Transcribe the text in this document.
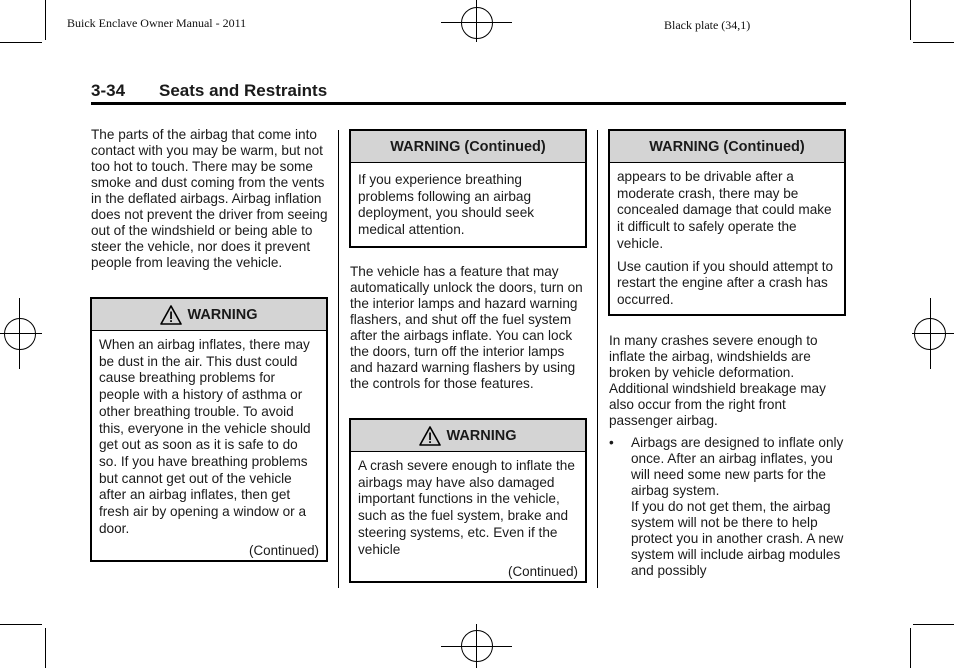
Buick Enclave Owner Manual - 2011	Black plate (34,1)
3-34 Seats and Restraints

The parts of the airbag that come into contact with you may be warm, but not too hot to touch. There may be some smoke and dust coming from the vents in the deflated airbags. Airbag inflation does not prevent the driver from seeing out of the windshield or being able to steer the vehicle, nor does it prevent people from leaving the vehicle.

WARNING

When an airbag inflates, there may be dust in the air. This dust could cause breathing problems for people with a history of asthma or other breathing trouble. To avoid this, everyone in the vehicle should get out as soon as it is safe to do so. If you have breathing problems but cannot get out of the vehicle after an airbag inflates, then get fresh air by opening a window or a door.

(Continued)
WARNING (Continued)

If you experience breathing problems following an airbag deployment, you should seek medical attention.

The vehicle has a feature that may automatically unlock the doors, turn on the interior lamps and hazard warning flashers, and shut off the fuel system after the airbags inflate. You can lock the doors, turn off the interior lamps and hazard warning flashers by using the controls for those features.

WARNING

A crash severe enough to inflate the airbags may have also damaged important functions in the vehicle, such as the fuel system, brake and steering systems, etc. Even if the vehicle

(Continued)
WARNING (Continued)

appears to be drivable after a moderate crash, there may be concealed damage that could make it difficult to safely operate the vehicle.

Use caution if you should attempt to restart the engine after a crash has occurred.

In many crashes severe enough to inflate the airbag, windshields are broken by vehicle deformation. Additional windshield breakage may also occur from the right front passenger airbag.

• Airbags are designed to inflate only once. After an airbag inflates, you will need some new parts for the airbag system.

If you do not get them, the airbag system will not be there to help protect you in another crash. A new system will include airbag modules and possibly
